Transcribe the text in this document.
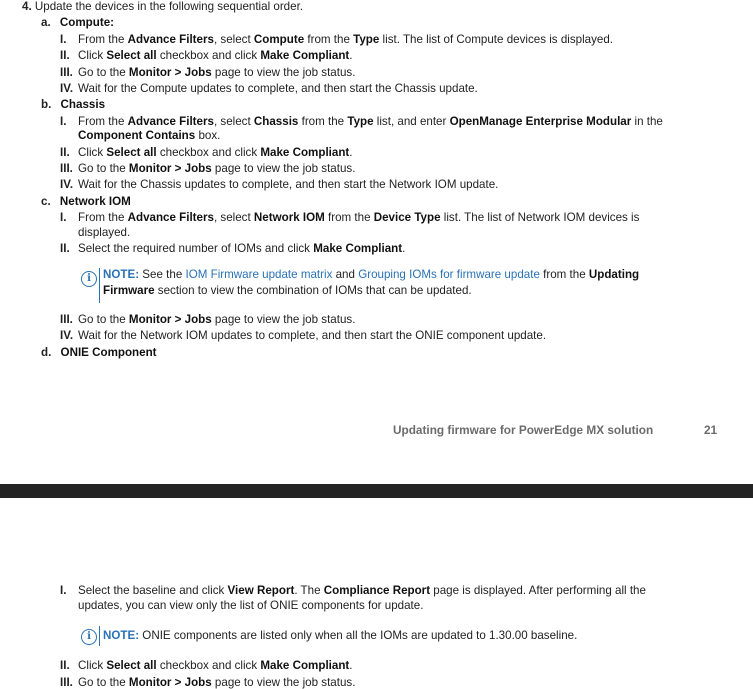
4. Update the devices in the following sequential order.
a. Compute:
I. From the Advance Filters, select Compute from the Type list. The list of Compute devices is displayed.
II. Click Select all checkbox and click Make Compliant.
III. Go to the Monitor > Jobs page to view the job status.
IV. Wait for the Compute updates to complete, and then start the Chassis update.
b. Chassis
I. From the Advance Filters, select Chassis from the Type list, and enter OpenManage Enterprise Modular in the
Component Contains box.
II. Click Select all checkbox and click Make Compliant.
III. Go to the Monitor > Jobs page to view the job status.
IV. Wait for the Chassis updates to complete, and then start the Network IOM update.
c. Network IOM
I. From the Advance Filters, select Network IOM from the Device Type list. The list of Network IOM devices is
displayed.
II. Select the required number of IOMs and click Make Compliant.
i	NOTE: See the IOM Firmware update matrix and Grouping IOMs for firmware update from the Updating
Firmware section to view the combination of IOMs that can be updated.
III. Go to the Monitor > Jobs page to view the job status.
IV. Wait for the Network IOM updates to complete, and then start the ONIE component update.
d. ONIE Component
Updating firmware for PowerEdge MX solution	21
I. Select the baseline and click View Report. The Compliance Report page is displayed. After performing all the
updates, you can view only the list of ONIE components for update.
i	NOTE: ONIE components are listed only when all the IOMs are updated to 1.30.00 baseline.
II. Click Select all checkbox and click Make Compliant.
III. Go to the Monitor > Jobs page to view the job status.
